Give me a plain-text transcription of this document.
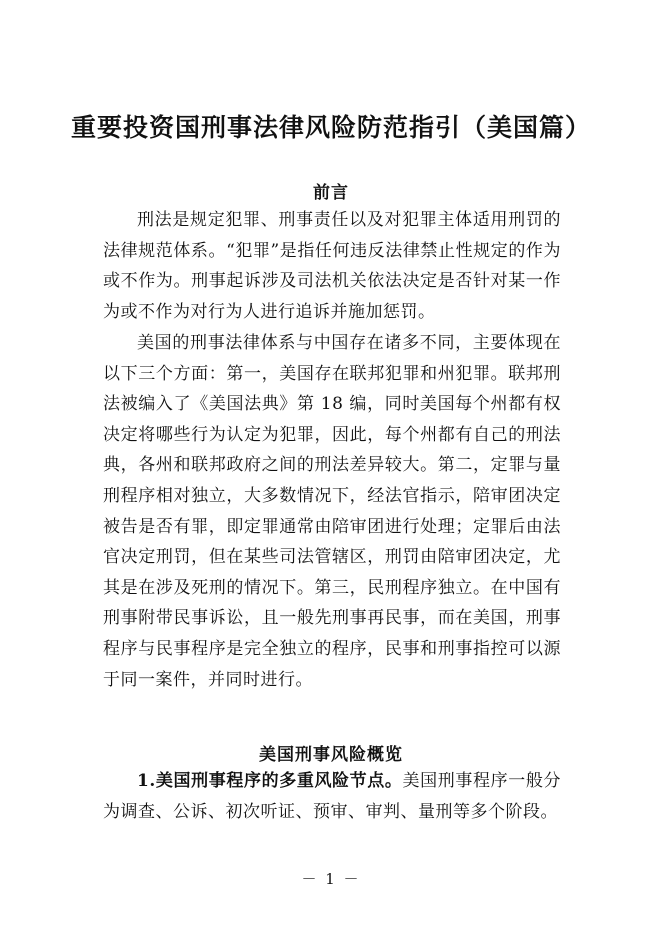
重要投资国刑事法律风险防范指引（美国篇）
前言

刑法是规定犯罪、刑事责任以及对犯罪主体适用刑罚的法律规范体系。“犯罪”是指任何违反法律禁止性规定的作为或不作为。刑事起诉涉及司法机关依法决定是否针对某一作为或不作为对行为人进行追诉并施加惩罚。

美国的刑事法律体系与中国存在诸多不同，主要体现在以下三个方面：第一，美国存在联邦犯罪和州犯罪。联邦刑法被编入了《美国法典》第 18 编，同时美国每个州都有权决定将哪些行为认定为犯罪，因此，每个州都有自己的刑法典，各州和联邦政府之间的刑法差异较大。第二，定罪与量刑程序相对独立，大多数情况下，经法官指示，陪审团决定被告是否有罪，即定罪通常由陪审团进行处理；定罪后由法官决定刑罚，但在某些司法管辖区，刑罚由陪审团决定，尤其是在涉及死刑的情况下。第三，民刑程序独立。在中国有刑事附带民事诉讼，且一般先刑事再民事，而在美国，刑事程序与民事程序是完全独立的程序，民事和刑事指控可以源于同一案件，并同时进行。

美国刑事风险概览

1.美国刑事程序的多重风险节点。美国刑事程序一般分为调查、公诉、初次听证、预审、审判、量刑等多个阶段。

－ 1 －
